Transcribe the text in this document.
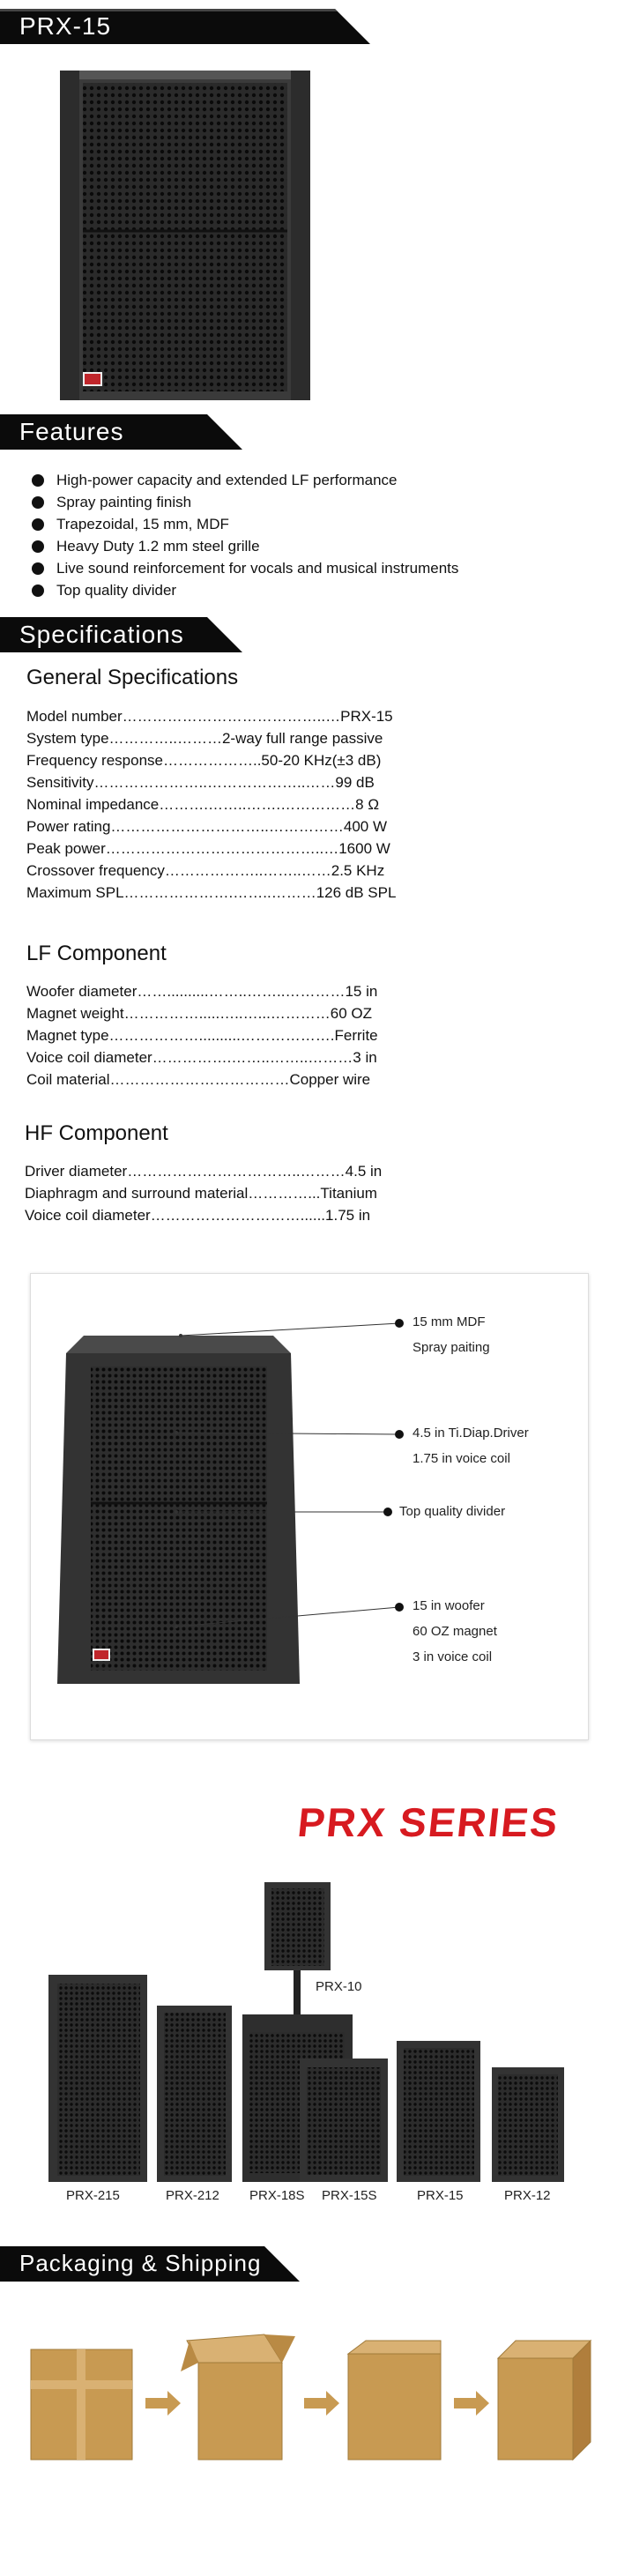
PRX-15
Features
High-power capacity and extended LF performance
Spray painting finish
Trapezoidal, 15 mm, MDF
Heavy Duty 1.2 mm steel grille
Live sound reinforcement for vocals and musical instruments
Top quality divider
Specifications
General Specifications
Model number…………………………………..…PRX-15
System type…………..………2-way full range passive
Frequency response………………..50-20 KHz(±3 dB)
Sensitivity…………………..………………..……99 dB
Nominal impedance……….……..…….……………8 Ω
Power rating…………………………..……………400 W
Peak power……………………………………..…1600 W
Crossover frequency………………..……..……2.5 KHz
Maximum SPL………………….……..………126 dB SPL
LF Component
Woofer diameter……..........……..……..…………15 in
Magnet weight…………….....…..…...…………60 OZ
Magnet type………………..........……………….Ferrite
Voice coil diameter…………….……..……..………3 in
Coil material………………………………Copper wire
HF Component
Driver diameter……………………………..………4.5 in
Diaphragm and surround material…………...Titanium
Voice coil diameter…………………………......1.75 in
15 mm MDF
Spray paiting
4.5 in Ti.Diap.Driver
1.75 in voice coil
Top quality divider
15 in woofer
60 OZ magnet
3 in voice coil
PRX SERIES
PRX-10
PRX-215	PRX-212 PRX-18S PRX-15S	PRX-15	PRX-12
Packaging & Shipping
